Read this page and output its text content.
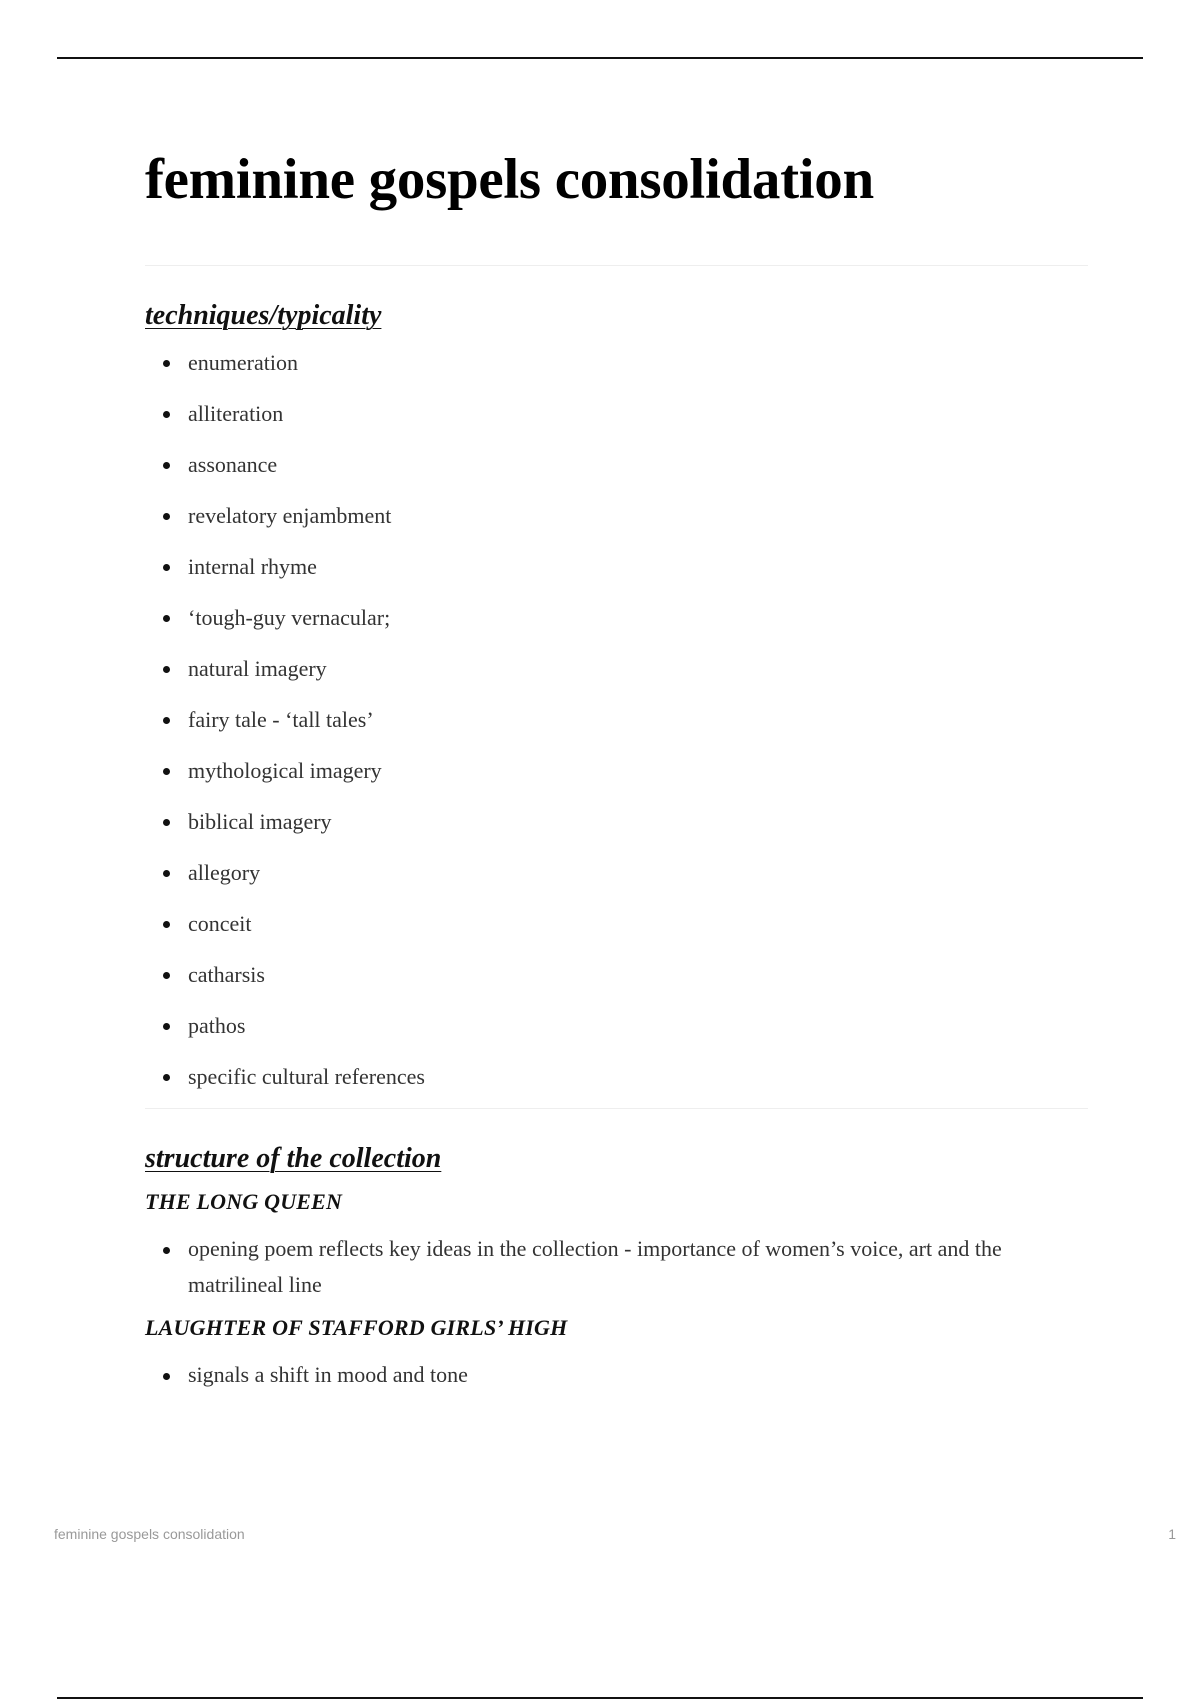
feminine gospels consolidation
techniques/typicality
enumeration
alliteration
assonance
revelatory enjambment
internal rhyme
‘tough-guy vernacular;
natural imagery
fairy tale - ‘tall tales’
mythological imagery
biblical imagery
allegory
conceit
catharsis
pathos
specific cultural references
structure of the collection
THE LONG QUEEN
opening poem reflects key ideas in the collection - importance of women’s voice, art and the matrilineal line
LAUGHTER OF STAFFORD GIRLS’ HIGH
signals a shift in mood and tone
feminine gospels consolidation	1
